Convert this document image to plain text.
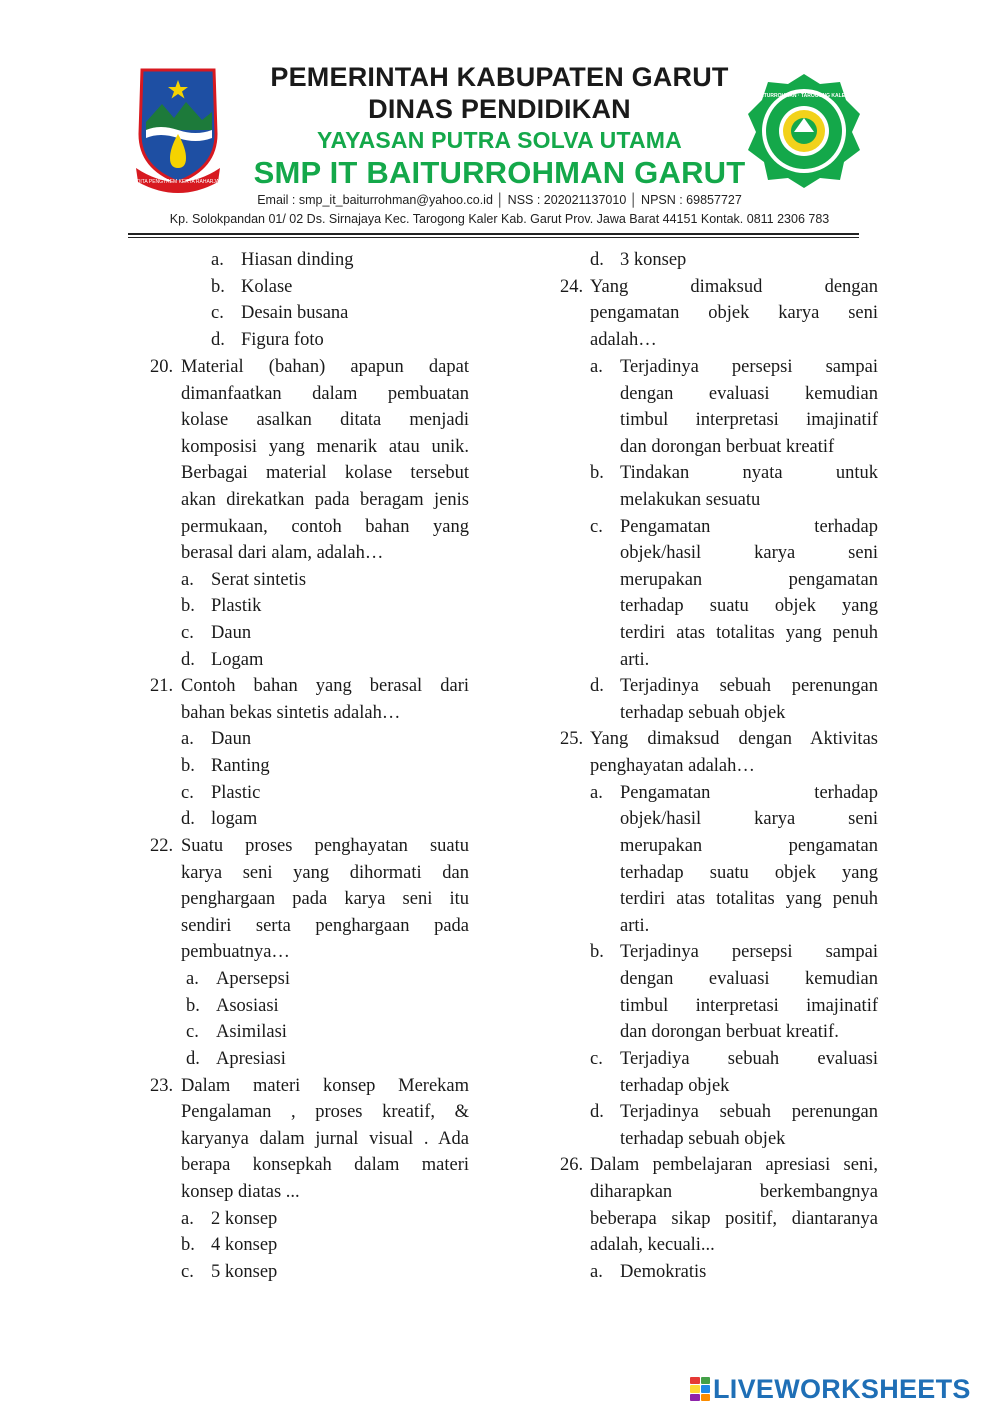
DITA PENGTREM KERTA RAHARJA
PEMERINTAH KABUPATEN GARUT
DINAS PENDIDIKAN
YAYASAN PUTRA SOLVA UTAMA
SMP IT BAITURROHMAN GARUT
SMP IT BAITURROHMAN · TAROGONG KALER · GARUT
Email : smp_it_baiturrohman@yahoo.co.id │ NSS : 202021137010 │ NPSN : 69857727
Kp. Solokpandan 01/ 02 Ds. Sirnajaya Kec. Tarogong Kaler Kab. Garut Prov. Jawa Barat 44151 Kontak. 0811 2306 783
a. Hiasan dinding
b. Kolase
c. Desain busana
d. Figura foto
20. Material (bahan) apapun dapat
dimanfaatkan dalam pembuatan
kolase asalkan ditata menjadi
komposisi yang menarik atau unik.
Berbagai material kolase tersebut
akan direkatkan pada beragam jenis
permukaan, contoh bahan yang
berasal dari alam, adalah…
a. Serat sintetis
b. Plastik
c. Daun
d. Logam
21. Contoh bahan yang berasal dari
bahan bekas sintetis adalah…
a. Daun
b. Ranting
c. Plastic
d. logam
22. Suatu proses penghayatan suatu
karya seni yang dihormati dan
penghargaan pada karya seni itu
sendiri serta penghargaan pada
pembuatnya…
a. Apersepsi
b. Asosiasi
c. Asimilasi
d. Apresiasi
23. Dalam materi konsep Merekam
Pengalaman , proses kreatif, &
karyanya dalam jurnal visual . Ada
berapa konsepkah dalam materi
konsep diatas ...
a. 2 konsep
b. 4 konsep
c. 5 konsep
d. 3 konsep
24. Yang dimaksud dengan
pengamatan objek karya seni
adalah…
a. Terjadinya persepsi sampai
dengan evaluasi kemudian
timbul interpretasi imajinatif
dan dorongan berbuat kreatif
b. Tindakan nyata untuk
melakukan sesuatu
c. Pengamatan terhadap
objek/hasil karya seni
merupakan pengamatan
terhadap suatu objek yang
terdiri atas totalitas yang penuh
arti.
d. Terjadinya sebuah perenungan
terhadap sebuah objek
25. Yang dimaksud dengan Aktivitas
penghayatan adalah…
a. Pengamatan terhadap
objek/hasil karya seni
merupakan pengamatan
terhadap suatu objek yang
terdiri atas totalitas yang penuh
arti.
b. Terjadinya persepsi sampai
dengan evaluasi kemudian
timbul interpretasi imajinatif
dan dorongan berbuat kreatif.
c. Terjadiya sebuah evaluasi
terhadap objek
d. Terjadinya sebuah perenungan
terhadap sebuah objek
26. Dalam pembelajaran apresiasi seni,
diharapkan berkembangnya
beberapa sikap positif, diantaranya
adalah, kecuali...
a. Demokratis
LIVEWORKSHEETS
